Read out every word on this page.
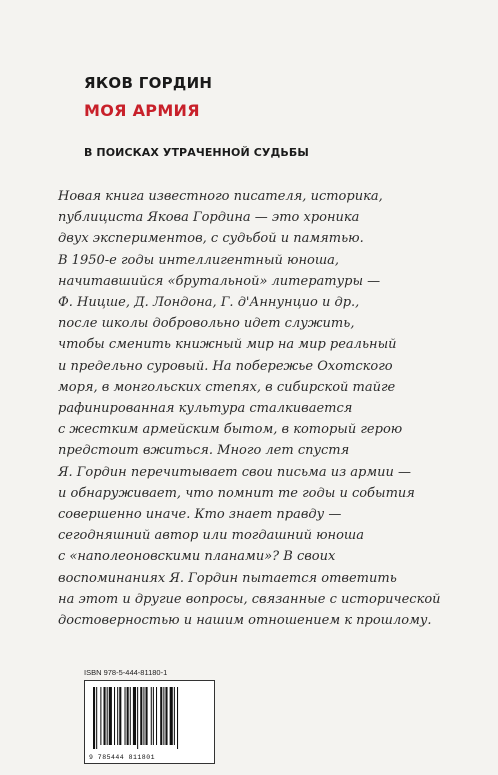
ЯКОВ ГОРДИН
МОЯ АРМИЯ
В ПОИСКАХ УТРАЧЕННОЙ СУДЬБЫ

Новая книга известного писателя, историка,
публициста Якова Гордина — это хроника
двух экспериментов, с судьбой и памятью.
В 1950-е годы интеллигентный юноша,
начитавшийся «брутальной» литературы —
Ф. Ницше, Д. Лондона, Г. д'Аннунцио и др.,
после школы добровольно идет служить,
чтобы сменить книжный мир на мир реальный
и предельно суровый. На побережье Охотского
моря, в монгольских степях, в сибирской тайге
рафинированная культура сталкивается
с жестким армейским бытом, в который герою
предстоит вжиться. Много лет спустя
Я. Гордин перечитывает свои письма из армии —
и обнаруживает, что помнит те годы и события
совершенно иначе. Кто знает правду —
сегодняшний автор или тогдашний юноша
с «наполеоновскими планами»? В своих
воспоминаниях Я. Гордин пытается ответить
на этот и другие вопросы, связанные с исторической
достоверностью и нашим отношением к прошлому.

ISBN 978-5-444-81180-1
9 785444 811801
